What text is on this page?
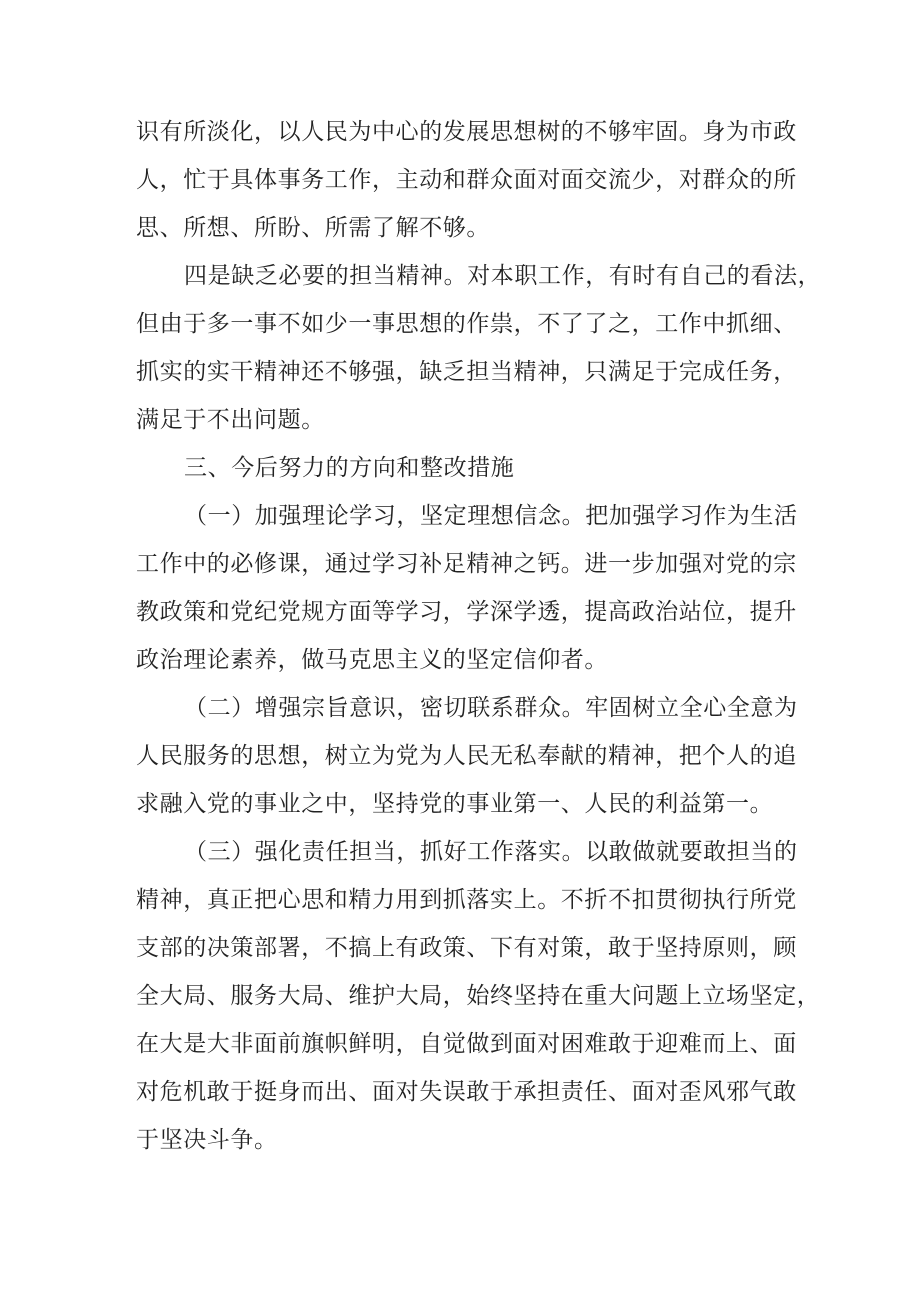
识有所淡化，以人民为中心的发展思想树的不够牢固。身为市政
人，忙于具体事务工作，主动和群众面对面交流少，对群众的所
思、所想、所盼、所需了解不够。
四是缺乏必要的担当精神。对本职工作，有时有自己的看法，
但由于多一事不如少一事思想的作祟，不了了之，工作中抓细、
抓实的实干精神还不够强，缺乏担当精神，只满足于完成任务，
满足于不出问题。
三、今后努力的方向和整改措施
（一）加强理论学习，坚定理想信念。把加强学习作为生活
工作中的必修课，通过学习补足精神之钙。进一步加强对党的宗
教政策和党纪党规方面等学习，学深学透，提高政治站位，提升
政治理论素养，做马克思主义的坚定信仰者。
（二）增强宗旨意识，密切联系群众。牢固树立全心全意为
人民服务的思想，树立为党为人民无私奉献的精神，把个人的追
求融入党的事业之中，坚持党的事业第一、人民的利益第一。
（三）强化责任担当，抓好工作落实。以敢做就要敢担当的
精神，真正把心思和精力用到抓落实上。不折不扣贯彻执行所党
支部的决策部署，不搞上有政策、下有对策，敢于坚持原则，顾
全大局、服务大局、维护大局，始终坚持在重大问题上立场坚定，
在大是大非面前旗帜鲜明，自觉做到面对困难敢于迎难而上、面
对危机敢于挺身而出、面对失误敢于承担责任、面对歪风邪气敢
于坚决斗争。
